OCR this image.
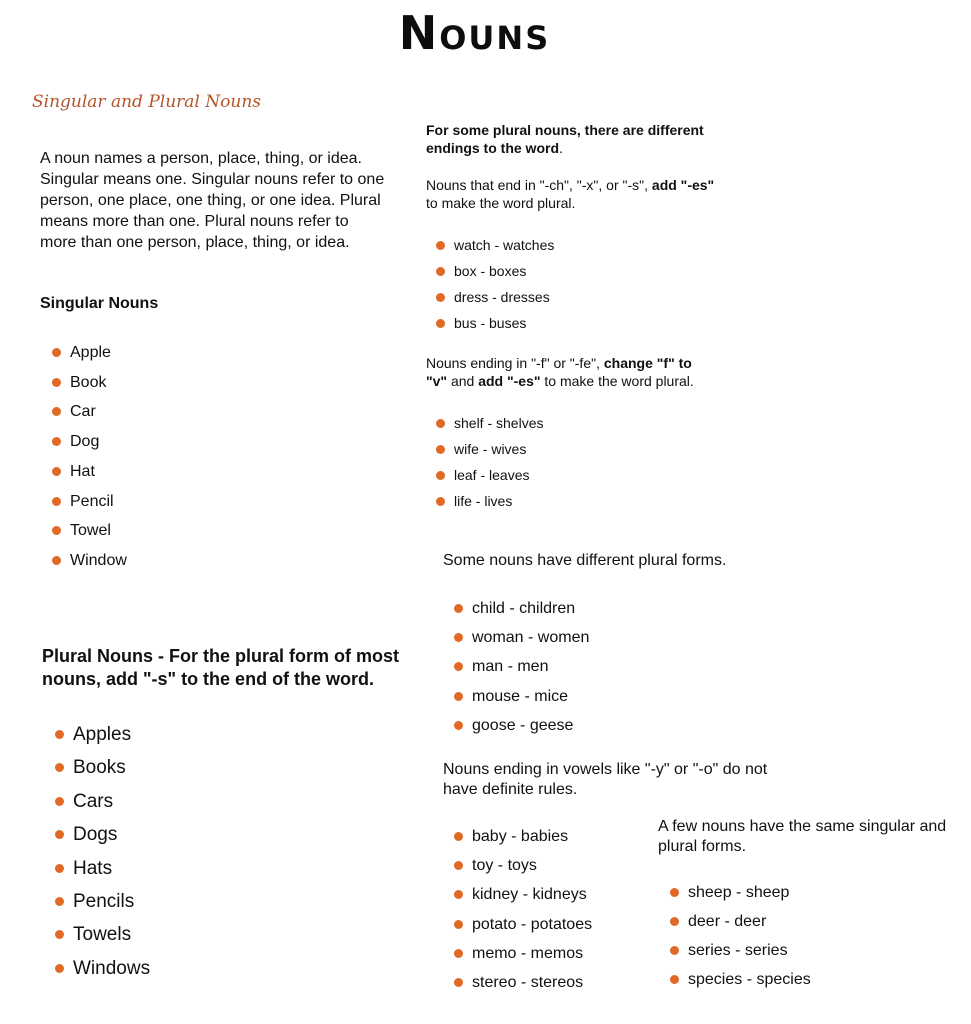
Nouns
Singular and Plural Nouns
A noun names a person, place, thing, or idea. Singular means one. Singular nouns refer to one person, one place, one thing, or one idea. Plural means more than one. Plural nouns refer to more than one person, place, thing, or idea.
Singular Nouns
Apple
Book
Car
Dog
Hat
Pencil
Towel
Window
Plural Nouns - For the plural form of most nouns, add "-s" to the end of the word.
Apples
Books
Cars
Dogs
Hats
Pencils
Towels
Windows
For some plural nouns, there are different endings to the word.
Nouns that end in "-ch", "-x", or "-s", add "-es" to make the word plural.
watch - watches
box - boxes
dress - dresses
bus - buses
Nouns ending in "-f" or "-fe", change "f" to "v" and add "-es" to make the word plural.
shelf - shelves
wife - wives
leaf - leaves
life - lives
Some nouns have different plural forms.
child - children
woman - women
man - men
mouse - mice
goose - geese
Nouns ending in vowels like "-y" or "-o" do not have definite rules.
baby - babies
toy - toys
kidney - kidneys
potato - potatoes
memo - memos
stereo - stereos
A few nouns have the same singular and plural forms.
sheep - sheep
deer - deer
series - series
species - species
